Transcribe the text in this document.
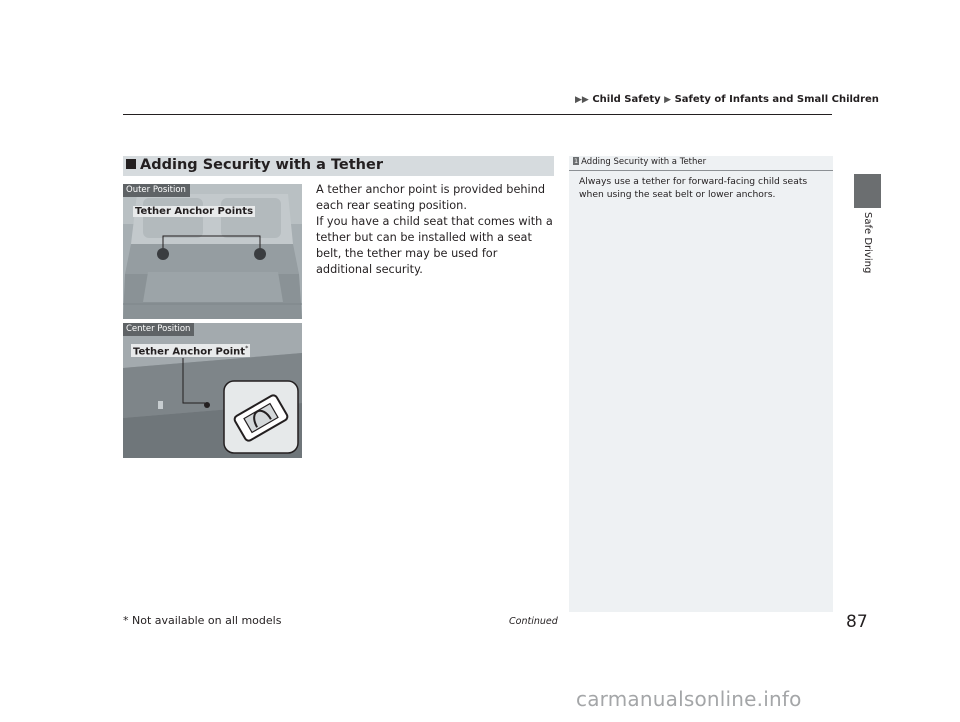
▶▶ Child Safety ▶ Safety of Infants and Small Children
Safe Driving
Adding Security with a Tether
A tether anchor point is provided behind each rear seating position.
If you have a child seat that comes with a tether but can be installed with a seat belt, the tether may be used for additional security.
Outer Position
Tether Anchor Points
Center Position
Tether Anchor Point*
1 Adding Security with a Tether
Always use a tether for forward-facing child seats when using the seat belt or lower anchors.
* Not available on all models	Continued	87
carmanualsonline.info
